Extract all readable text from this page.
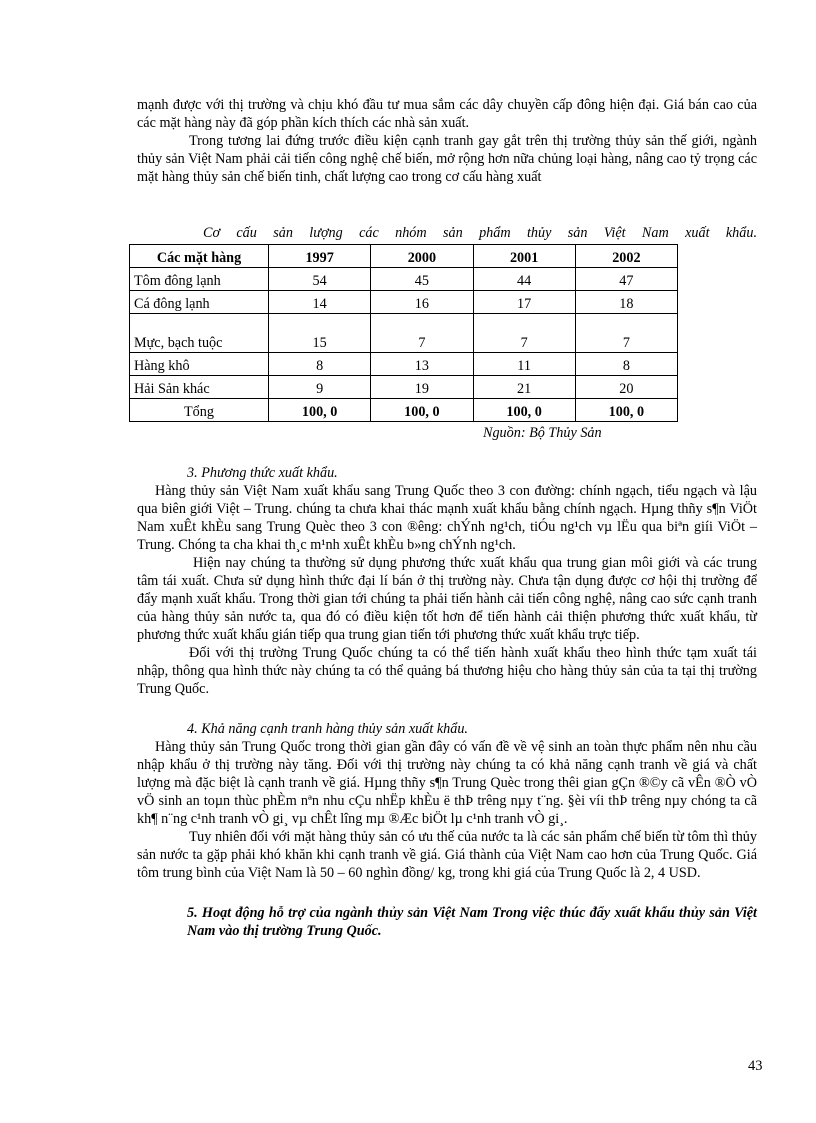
mạnh được với thị trường và chịu khó đầu tư mua sắm các dây chuyền cấp đông hiện đại. Giá bán cao của các mặt hàng này đã góp phần kích thích các nhà sản xuất.

Trong tương lai đứng trước điều kiện cạnh tranh gay gắt trên thị trường thủy sản thế giới, ngành thủy sản Việt Nam phải cải tiến công nghệ chế biến, mở rộng hơn nữa chủng loại hàng, nâng cao tỷ trọng các mặt hàng thủy sản chế biến tinh, chất lượng cao trong cơ cấu hàng xuất

Cơ cấu sản lượng các nhóm sản phẩm thủy sản Việt Nam xuất khẩu.

Các mặt hàng	1997	2000	2001	2002
Tôm đông lạnh	54	45	44	47
Cá đông lạnh	14	16	17	18
Mực, bạch tuộc	15	7	7	7
Hàng khô	8	13	11	8
Hải Sản khác	9	19	21	20
Tổng	100, 0	100, 0	100, 0	100, 0

Nguồn: Bộ Thủy Sản

3. Phương thức xuất khẩu.

Hàng thủy sản Việt Nam xuất khẩu sang Trung Quốc theo 3 con đường: chính ngạch, tiểu ngạch và lậu qua biên giới Việt – Trung. chúng ta chưa khai thác mạnh xuất khẩu bằng chính ngạch. Hµng thñy s¶n ViÖt Nam xuÊt khÈu sang Trung Quèc theo 3 con ®êng: chÝnh ng¹ch, tiÓu ng¹ch vµ lËu qua biªn giíi ViÖt – Trung. Chóng ta cha khai th¸c m¹nh xuÊt khÈu b»ng chÝnh ng¹ch.

Hiện nay chúng ta thường sử dụng phương thức xuất khẩu qua trung gian môi giới và các trung tâm tái xuất. Chưa sử dụng hình thức đại lí bán ở thị trường này. Chưa tận dụng được cơ hội thị trường để đẩy mạnh xuất khẩu. Trong thời gian tới chúng ta phải tiến hành cải tiến công nghệ, nâng cao sức cạnh tranh của hàng thủy sản nước ta, qua đó có điều kiện tốt hơn để tiến hành cải thiện phương thức xuất khẩu, từ phương thức xuất khẩu gián tiếp qua trung gian tiến tới phương thức xuất khẩu trực tiếp.

Đối với thị trường Trung Quốc chúng ta có thể tiến hành xuất khẩu theo hình thức tạm xuất tái nhập, thông qua hình thức này chúng ta có thể quảng bá thương hiệu cho hàng thủy sản của ta tại thị trường Trung Quốc.

4. Khả năng cạnh tranh hàng thủy sản xuất khẩu.

Hàng thủy sản Trung Quốc trong thời gian gần đây có vấn đề về vệ sinh an toàn thực phẩm nên nhu cầu nhập khẩu ở thị trường này tăng. Đối với thị trường này chúng ta có khả năng cạnh tranh về giá và chất lượng mà đặc biệt là cạnh tranh về giá. Hµng thñy s¶n Trung Quèc trong thêi gian gÇn ®©y cã vÊn ®Ò vÒ vÖ sinh an toµn thùc phÈm nªn nhu cÇu nhËp khÈu ë thÞ trêng nµy t¨ng. §èi víi thÞ trêng nµy chóng ta cã kh¶ n¨ng c¹nh tranh vÒ gi¸ vµ chÊt lîng mµ ®Æc biÖt lµ c¹nh tranh vÒ gi¸.

Tuy nhiên đối với mặt hàng thủy sản có ưu thế của nước ta là các sản phẩm chế biến từ tôm thì thủy sản nước ta gặp phải khó khăn khi cạnh tranh về giá. Giá thành của Việt Nam cao hơn của Trung Quốc. Giá tôm trung bình của Việt Nam là 50 – 60 nghìn đồng/ kg, trong khi giá của Trung Quốc là 2, 4 USD.

5. Hoạt động hỗ trợ của ngành thủy sản Việt Nam Trong việc thúc đẩy xuất khẩu thủy sản Việt Nam vào thị trường Trung Quốc.

43
